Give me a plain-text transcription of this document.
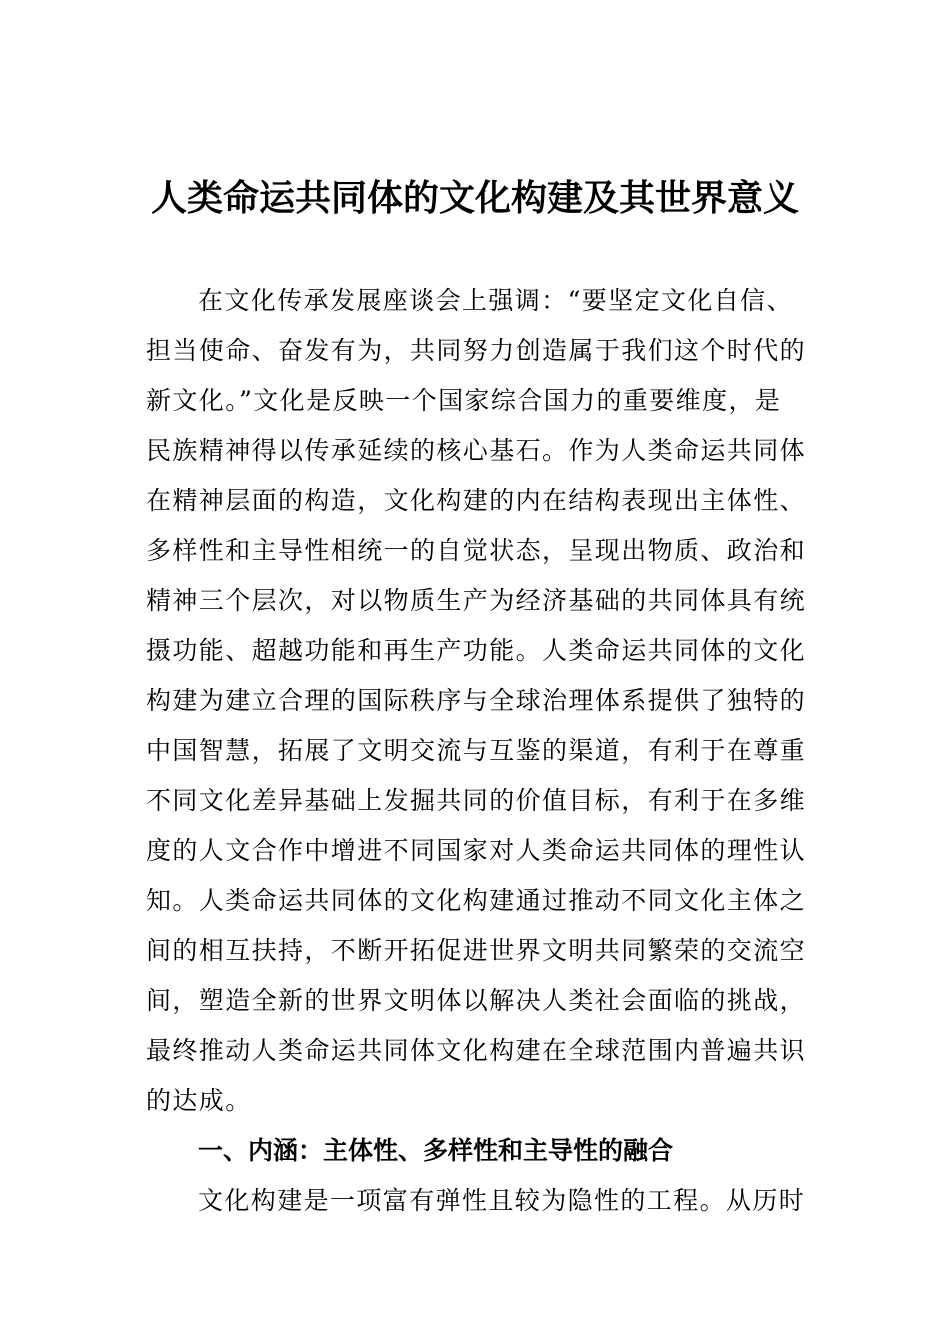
人类命运共同体的文化构建及其世界意义
在文化传承发展座谈会上强调：“要坚定文化自信、
担当使命、奋发有为，共同努力创造属于我们这个时代的
新文化。”文化是反映一个国家综合国力的重要维度，是
民族精神得以传承延续的核心基石。作为人类命运共同体
在精神层面的构造，文化构建的内在结构表现出主体性、
多样性和主导性相统一的自觉状态，呈现出物质、政治和
精神三个层次，对以物质生产为经济基础的共同体具有统
摄功能、超越功能和再生产功能。人类命运共同体的文化
构建为建立合理的国际秩序与全球治理体系提供了独特的
中国智慧，拓展了文明交流与互鉴的渠道，有利于在尊重
不同文化差异基础上发掘共同的价值目标，有利于在多维
度的人文合作中增进不同国家对人类命运共同体的理性认
知。人类命运共同体的文化构建通过推动不同文化主体之
间的相互扶持，不断开拓促进世界文明共同繁荣的交流空
间，塑造全新的世界文明体以解决人类社会面临的挑战，
最终推动人类命运共同体文化构建在全球范围内普遍共识
的达成。
一、内涵：主体性、多样性和主导性的融合
文化构建是一项富有弹性且较为隐性的工程。从历时
